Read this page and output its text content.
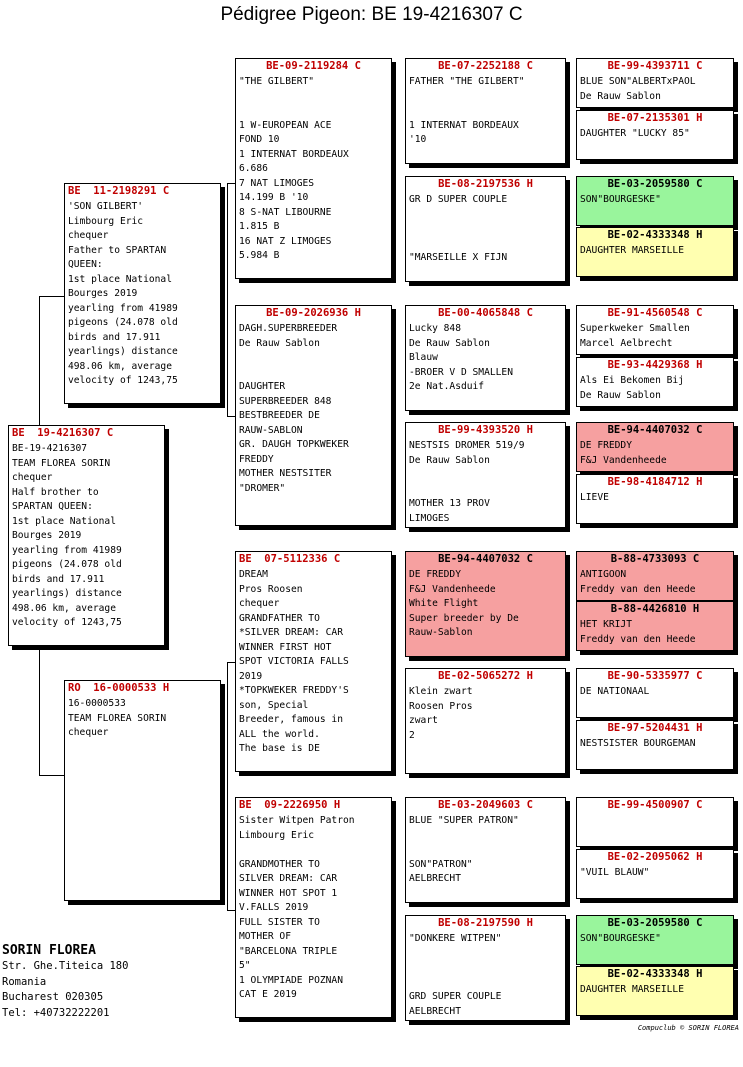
Pédigree Pigeon: BE 19-4216307 C
BE  19-4216307 C
BE-19-4216307
TEAM FLOREA SORIN
chequer
Half brother to
SPARTAN QUEEN:
1st place National
Bourges 2019
yearling from 41989
pigeons (24.078 old
birds and 17.911
yearlings) distance
498.06 km, average
velocity of 1243,75
BE  11-2198291 C
'SON GILBERT'
Limbourg Eric
chequer
Father to SPARTAN
QUEEN:
1st place National
Bourges 2019
yearling from 41989
pigeons (24.078 old
birds and 17.911
yearlings) distance
498.06 km, average
velocity of 1243,75
RO  16-0000533 H
16-0000533
TEAM FLOREA SORIN
chequer
BE-09-2119284 C
"THE GILBERT"

1 W-EUROPEAN ACE
FOND 10
1 INTERNAT BORDEAUX
6.686
7 NAT LIMOGES
14.199 B '10
8 S-NAT LIBOURNE
1.815 B
16 NAT Z LIMOGES
5.984 B
BE-09-2026936 H
DAGH.SUPERBREEDER
De Rauw Sablon

DAUGHTER
SUPERBREEDER 848
BESTBREEDER DE
RAUW-SABLON
GR. DAUGH TOPKWEKER
FREDDY
MOTHER NESTSITER
"DROMER"
BE  07-5112336 C
DREAM
Pros Roosen
chequer
GRANDFATHER TO
*SILVER DREAM: CAR
WINNER FIRST HOT
SPOT VICTORIA FALLS
2019
*TOPKWEKER FREDDY'S
son, Special
Breeder, famous in
ALL the world.
The base is DE
BE  09-2226950 H
Sister Witpen Patron
Limbourg Eric

GRANDMOTHER TO
SILVER DREAM: CAR
WINNER HOT SPOT 1
V.FALLS 2019
FULL SISTER TO
MOTHER OF
"BARCELONA TRIPLE
5"
1 OLYMPIADE POZNAN
CAT E 2019
BE-07-2252188 C
FATHER "THE GILBERT"

1 INTERNAT BORDEAUX
'10
BE-08-2197536 H
GR D SUPER COUPLE

"MARSEILLE X FIJN
BE-00-4065848 C
Lucky 848
De Rauw Sablon
Blauw
-BROER V D SMALLEN
2e Nat.Asduif
BE-99-4393520 H
NESTSIS DROMER 519/9
De Rauw Sablon

MOTHER 13 PROV
LIMOGES
BE-94-4407032 C
DE FREDDY
F&J Vandenheede
White Flight
Super breeder by De
Rauw-Sablon
BE-02-5065272 H
Klein zwart
Roosen Pros
zwart
2
BE-03-2049603 C
BLUE "SUPER PATRON"

SON"PATRON"
AELBRECHT
BE-08-2197590 H
"DONKERE WITPEN"

GRD SUPER COUPLE
AELBRECHT
BE-99-4393711 C
BLUE SON"ALBERTxPAOL
De Rauw Sablon
BE-07-2135301 H
DAUGHTER "LUCKY 85"
BE-03-2059580 C
SON"BOURGESKE"
BE-02-4333348 H
DAUGHTER MARSEILLE
BE-91-4560548 C
Superkweker Smallen
Marcel Aelbrecht
BE-93-4429368 H
Als Ei Bekomen Bij
De Rauw Sablon
BE-94-4407032 C
DE FREDDY
F&J Vandenheede
BE-98-4184712 H
LIEVE
B-88-4733093 C
ANTIGOON
Freddy van den Heede
B-88-4426810 H
HET KRIJT
Freddy van den Heede
BE-90-5335977 C
DE NATIONAAL
BE-97-5204431 H
NESTSISTER BOURGEMAN
BE-99-4500907 C
BE-02-2095062 H
"VUIL BLAUW"
BE-03-2059580 C
SON"BOURGESKE"
BE-02-4333348 H
DAUGHTER MARSEILLE
SORIN FLOREA
Str. Ghe.Titeica 180
Romania
Bucharest 020305
Tel: +40732222201
Compuclub © SORIN FLOREA
